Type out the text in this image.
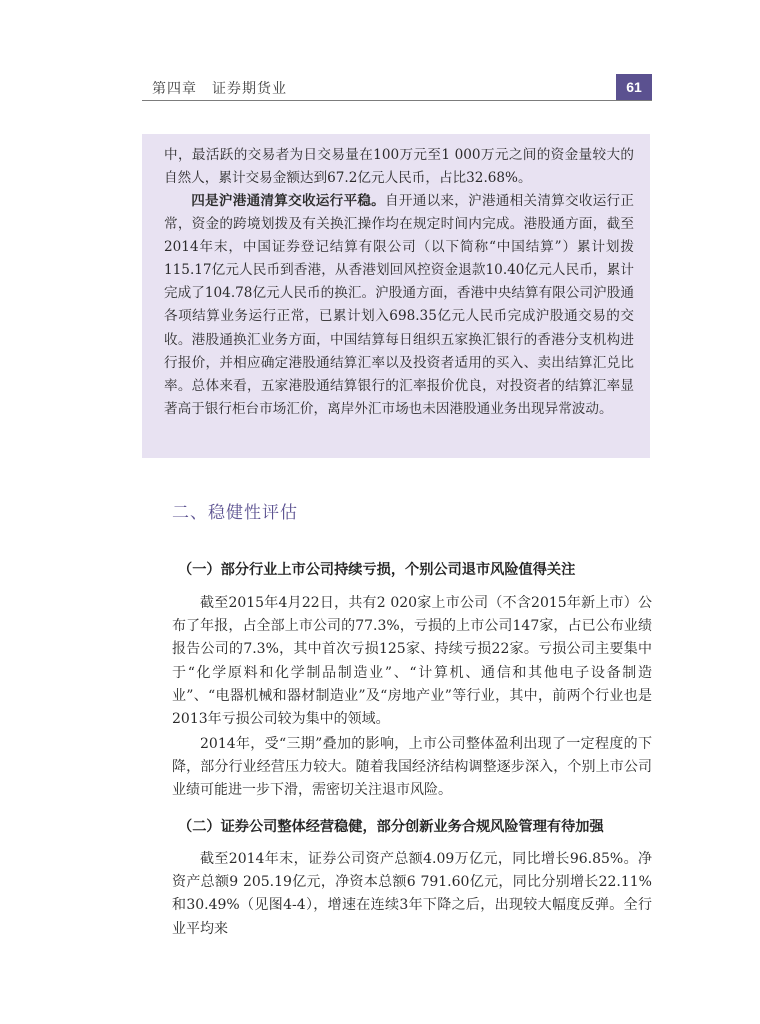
第四章　证券期货业	61

中，最活跃的交易者为日交易量在100万元至1 000万元之间的资金量较大的自然人，累计交易金额达到67.2亿元人民币，占比32.68%。

四是沪港通清算交收运行平稳。自开通以来，沪港通相关清算交收运行正常，资金的跨境划拨及有关换汇操作均在规定时间内完成。港股通方面，截至2014年末，中国证券登记结算有限公司（以下简称“中国结算”）累计划拨115.17亿元人民币到香港，从香港划回风控资金退款10.40亿元人民币，累计完成了104.78亿元人民币的换汇。沪股通方面，香港中央结算有限公司沪股通各项结算业务运行正常，已累计划入698.35亿元人民币完成沪股通交易的交收。港股通换汇业务方面，中国结算每日组织五家换汇银行的香港分支机构进行报价，并相应确定港股通结算汇率以及投资者适用的买入、卖出结算汇兑比率。总体来看，五家港股通结算银行的汇率报价优良，对投资者的结算汇率显著高于银行柜台市场汇价，离岸外汇市场也未因港股通业务出现异常波动。

二、稳健性评估
（一）部分行业上市公司持续亏损，个别公司退市风险值得关注

截至2015年4月22日，共有2 020家上市公司（不含2015年新上市）公布了年报，占全部上市公司的77.3%，亏损的上市公司147家，占已公布业绩报告公司的7.3%，其中首次亏损125家、持续亏损22家。亏损公司主要集中于“化学原料和化学制品制造业”、“计算机、通信和其他电子设备制造业”、“电器机械和器材制造业”及“房地产业”等行业，其中，前两个行业也是2013年亏损公司较为集中的领域。

2014年，受“三期”叠加的影响，上市公司整体盈利出现了一定程度的下降，部分行业经营压力较大。随着我国经济结构调整逐步深入，个别上市公司业绩可能进一步下滑，需密切关注退市风险。

（二）证券公司整体经营稳健，部分创新业务合规风险管理有待加强

截至2014年末，证券公司资产总额4.09万亿元，同比增长96.85%。净资产总额9 205.19亿元，净资本总额6 791.60亿元，同比分别增长22.11%和30.49%（见图4-4），增速在连续3年下降之后，出现较大幅度反弹。全行业平均来
